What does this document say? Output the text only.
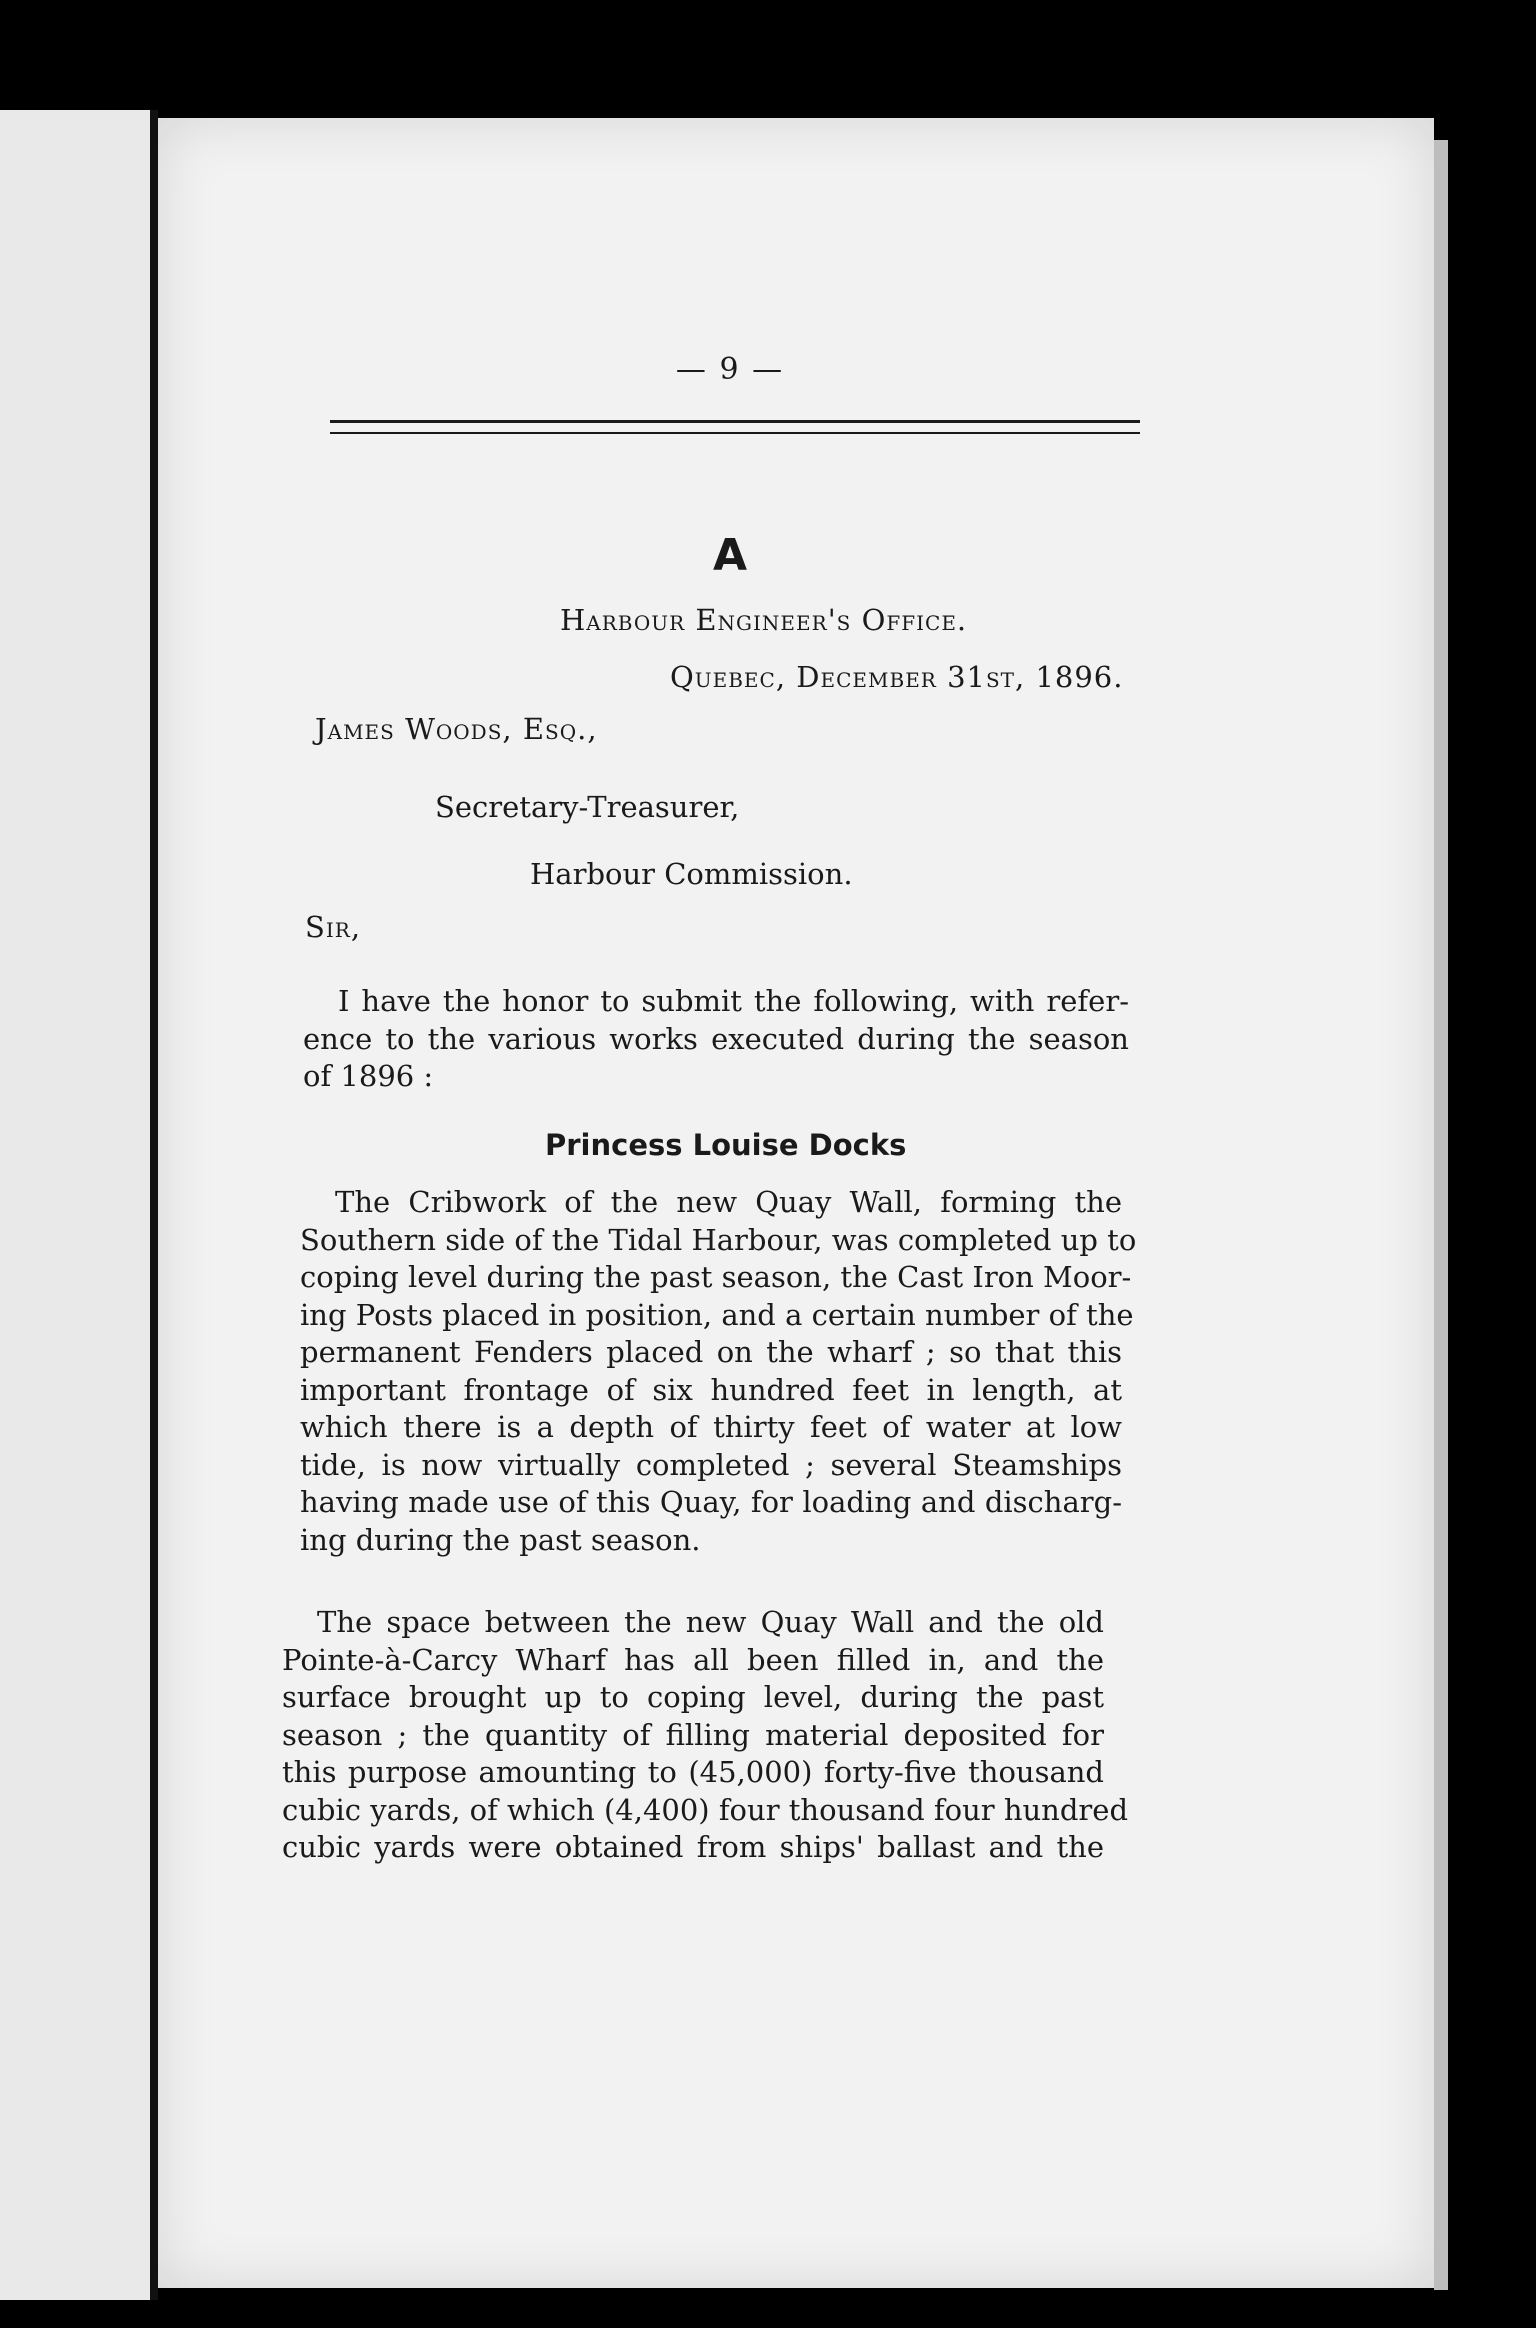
— 9 —
A
Harbour Engineer's Office.
Quebec, December 31st, 1896.
James Woods, Esq.,
Secretary-Treasurer,
Harbour Commission.
Sir,
I have the honor to submit the following, with refer-
ence to the various works executed during the season
of 1896 :
Princess Louise Docks
The Cribwork of the new Quay Wall, forming the
Southern side of the Tidal Harbour, was completed up to
coping level during the past season, the Cast Iron Moor-
ing Posts placed in position, and a certain number of the
permanent Fenders placed on the wharf ; so that this
important frontage of six hundred feet in length, at
which there is a depth of thirty feet of water at low
tide, is now virtually completed ; several Steamships
having made use of this Quay, for loading and discharg-
ing during the past season.
The space between the new Quay Wall and the old
Pointe-à-Carcy Wharf has all been filled in, and the
surface brought up to coping level, during the past
season ; the quantity of filling material deposited for
this purpose amounting to (45,000) forty-five thousand
cubic yards, of which (4,400) four thousand four hundred
cubic yards were obtained from ships' ballast and the
